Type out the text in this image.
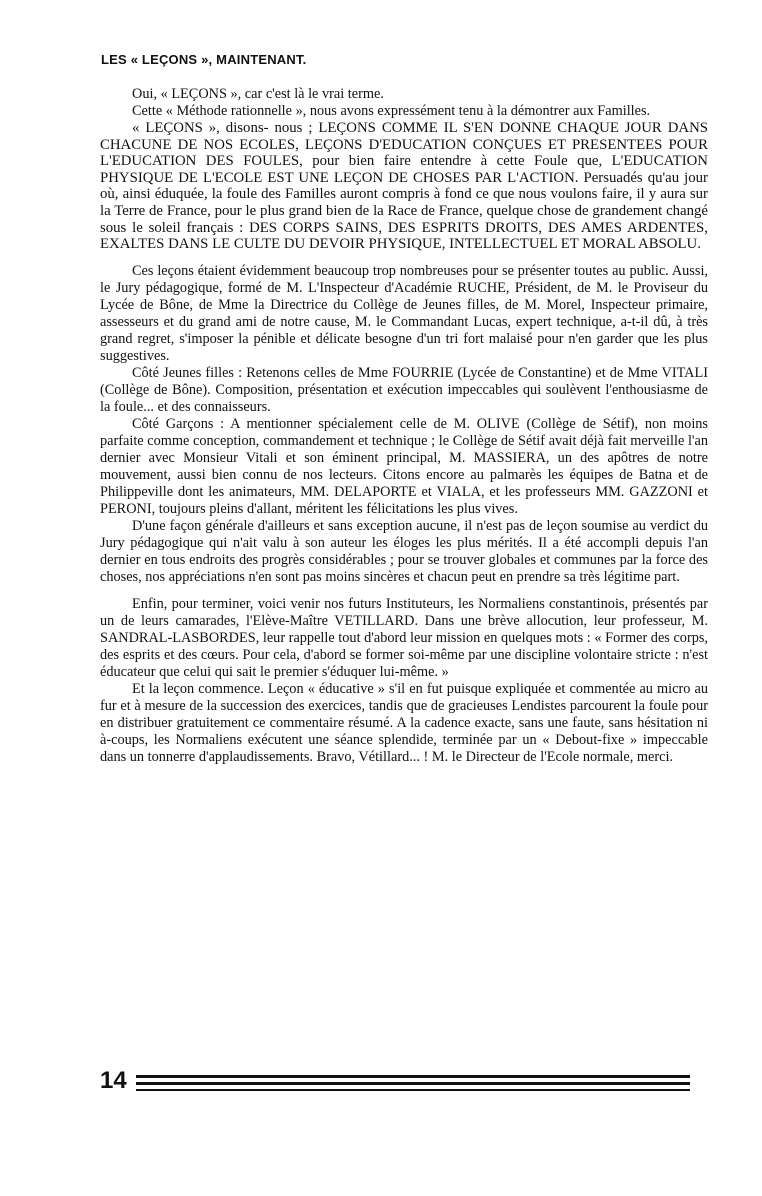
LES « LEÇONS », MAINTENANT.

Oui, « LEÇONS », car c'est là le vrai terme.

Cette « Méthode rationnelle », nous avons expressément tenu à la démontrer aux Familles.

« LEÇONS », disons- nous ; LEÇONS COMME IL S'EN DONNE CHAQUE JOUR DANS CHACUNE DE NOS ECOLES, LEÇONS D'EDUCATION CONÇUES ET PRESENTEES POUR L'EDUCATION DES FOULES, pour bien faire entendre à cette Foule que, L'EDUCATION PHYSIQUE DE L'ECOLE EST UNE LEÇON DE CHOSES PAR L'ACTION. Persuadés qu'au jour où, ainsi éduquée, la foule des Familles auront compris à fond ce que nous voulons faire, il y aura sur la Terre de France, pour le plus grand bien de la Race de France, quelque chose de grandement changé sous le soleil français : DES CORPS SAINS, DES ESPRITS DROITS, DES AMES ARDENTES, EXALTES DANS LE CULTE DU DEVOIR PHYSIQUE, INTELLECTUEL ET MORAL ABSOLU.

Ces leçons étaient évidemment beaucoup trop nombreuses pour se présenter toutes au public. Aussi, le Jury pédagogique, formé de M. L'Inspecteur d'Académie RUCHE, Président, de M. le Proviseur du Lycée de Bône, de Mme la Directrice du Collège de Jeunes filles, de M. Morel, Inspecteur primaire, assesseurs et du grand ami de notre cause, M. le Commandant Lucas, expert technique, a-t-il dû, à très grand regret, s'imposer la pénible et délicate besogne d'un tri fort malaisé pour n'en garder que les plus suggestives.

Côté Jeunes filles : Retenons celles de Mme FOURRIE (Lycée de Constantine) et de Mme VITALI (Collège de Bône). Composition, présentation et exécution impeccables qui soulèvent l'enthousiasme de la foule... et des connaisseurs.

Côté Garçons : A mentionner spécialement celle de M. OLIVE (Collège de Sétif), non moins parfaite comme conception, commandement et technique ; le Collège de Sétif avait déjà fait merveille l'an dernier avec Monsieur Vitali et son éminent principal, M. MASSIERA, un des apôtres de notre mouvement, aussi bien connu de nos lecteurs. Citons encore au palmarès les équipes de Batna et de Philippeville dont les animateurs, MM. DELAPORTE et VIALA, et les professeurs MM. GAZZONI et PERONI, toujours pleins d'allant, méritent les félicitations les plus vives.

D'une façon générale d'ailleurs et sans exception aucune, il n'est pas de leçon soumise au verdict du Jury pédagogique qui n'ait valu à son auteur les éloges les plus mérités. Il a été accompli depuis l'an dernier en tous endroits des progrès considérables ; pour se trouver globales et communes par la force des choses, nos appréciations n'en sont pas moins sincères et chacun peut en prendre sa très légitime part.

Enfin, pour terminer, voici venir nos futurs Instituteurs, les Normaliens constantinois, présentés par un de leurs camarades, l'Elève-Maître VETILLARD. Dans une brève allocution, leur professeur, M. SANDRAL-LASBORDES, leur rappelle tout d'abord leur mission en quelques mots : « Former des corps, des esprits et des cœurs. Pour cela, d'abord se former soi-même par une discipline volontaire stricte : n'est éducateur que celui qui sait le premier s'éduquer lui-même. »

Et la leçon commence. Leçon « éducative » s'il en fut puisque expliquée et commentée au micro au fur et à mesure de la succession des exercices, tandis que de gracieuses Lendistes parcourent la foule pour en distribuer gratuitement ce commentaire résumé. A la cadence exacte, sans une faute, sans hésitation ni à-coups, les Normaliens exécutent une séance splendide, terminée par un « Debout-fixe » impeccable dans un tonnerre d'applaudissements. Bravo, Vétillard... ! M. le Directeur de l'Ecole normale, merci.

14
